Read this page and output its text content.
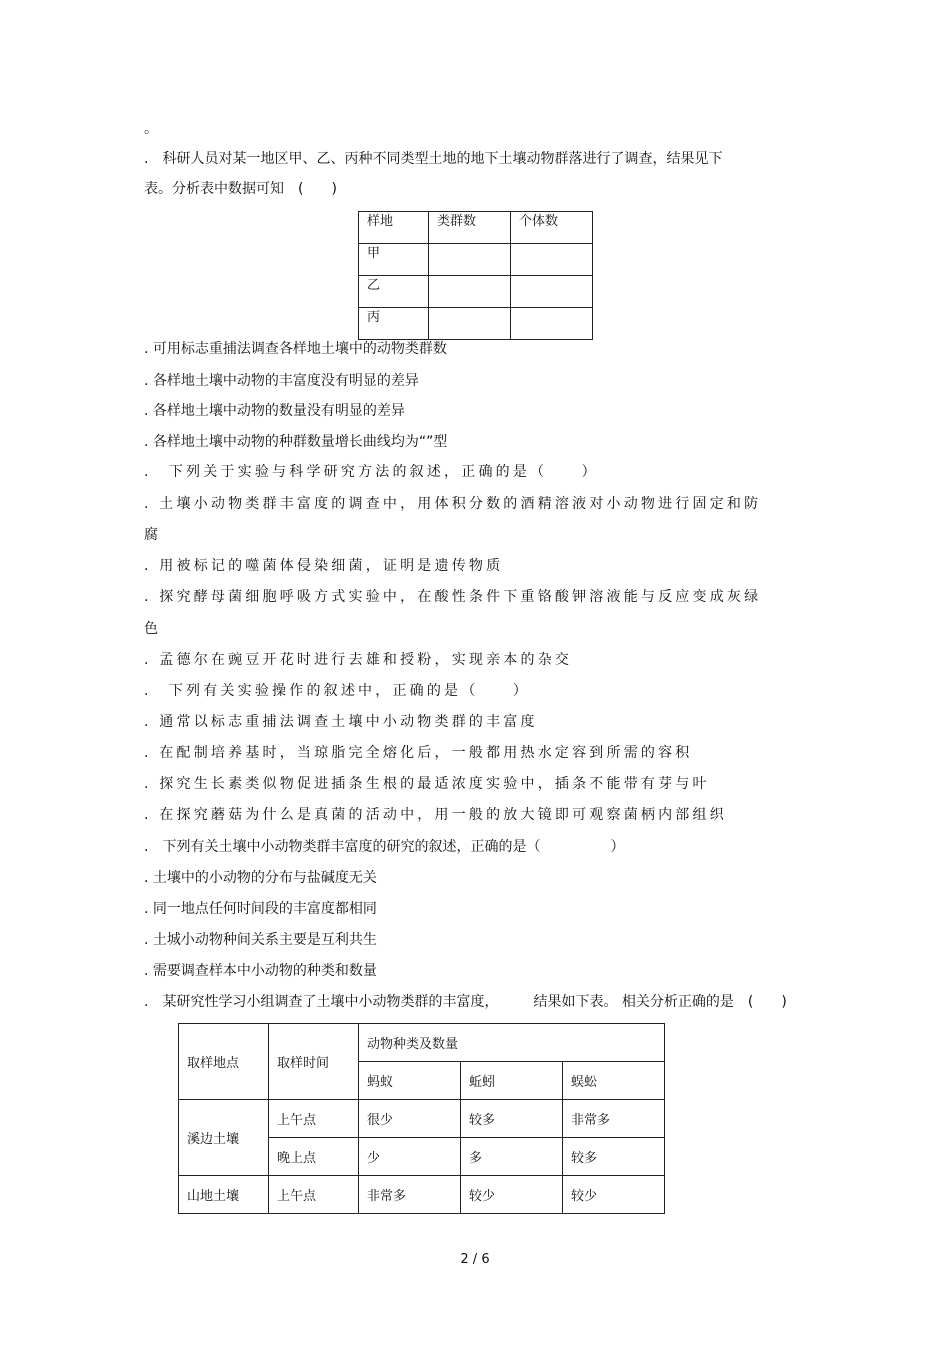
。
.　科研人员对某一地区甲、乙、丙种不同类型土地的地下土壤动物群落进行了调查，结果见下
表。分析表中数据可知　(　　)
样地	类群数	个体数
甲		
乙		
丙		
. 可用标志重捕法调查各样地土壤中的动物类群数
. 各样地土壤中动物的丰富度没有明显的差异
. 各样地土壤中动物的数量没有明显的差异
. 各样地土壤中动物的种群数量增长曲线均为“”型
.　下列关于实验与科学研究方法的叙述，正确的是（　　）
. 土壤小动物类群丰富度的调查中，用体积分数的酒精溶液对小动物进行固定和防
腐
. 用被标记的噬菌体侵染细菌，证明是遗传物质
. 探究酵母菌细胞呼吸方式实验中，在酸性条件下重铬酸钾溶液能与反应变成灰绿
色
. 孟德尔在豌豆开花时进行去雄和授粉，实现亲本的杂交
.　下列有关实验操作的叙述中，正确的是（　　）
. 通常以标志重捕法调查土壤中小动物类群的丰富度
. 在配制培养基时，当琼脂完全熔化后，一般都用热水定容到所需的容积
. 探究生长素类似物促进插条生根的最适浓度实验中，插条不能带有芽与叶
. 在探究蘑菇为什么是真菌的活动中，用一般的放大镜即可观察菌柄内部组织
.　下列有关土壤中小动物类群丰富度的研究的叙述，正确的是（　　　　　）
. 土壤中的小动物的分布与盐碱度无关
. 同一地点任何时间段的丰富度都相同
. 土城小动物种间关系主要是互利共生
. 需要调查样本中小动物的种类和数量
.　某研究性学习小组调查了土壤中小动物类群的丰富度，　　　结果如下表。 相关分析正确的是　(　　)
取样地点	取样时间	动物种类及数量		
		蚂蚁	蚯蚓	蜈蚣
溪边土壤	上午点	很少	较多	非常多
	晚上点	少	多	较多
山地土壤	上午点	非常多	较少	较少
2 / 6
